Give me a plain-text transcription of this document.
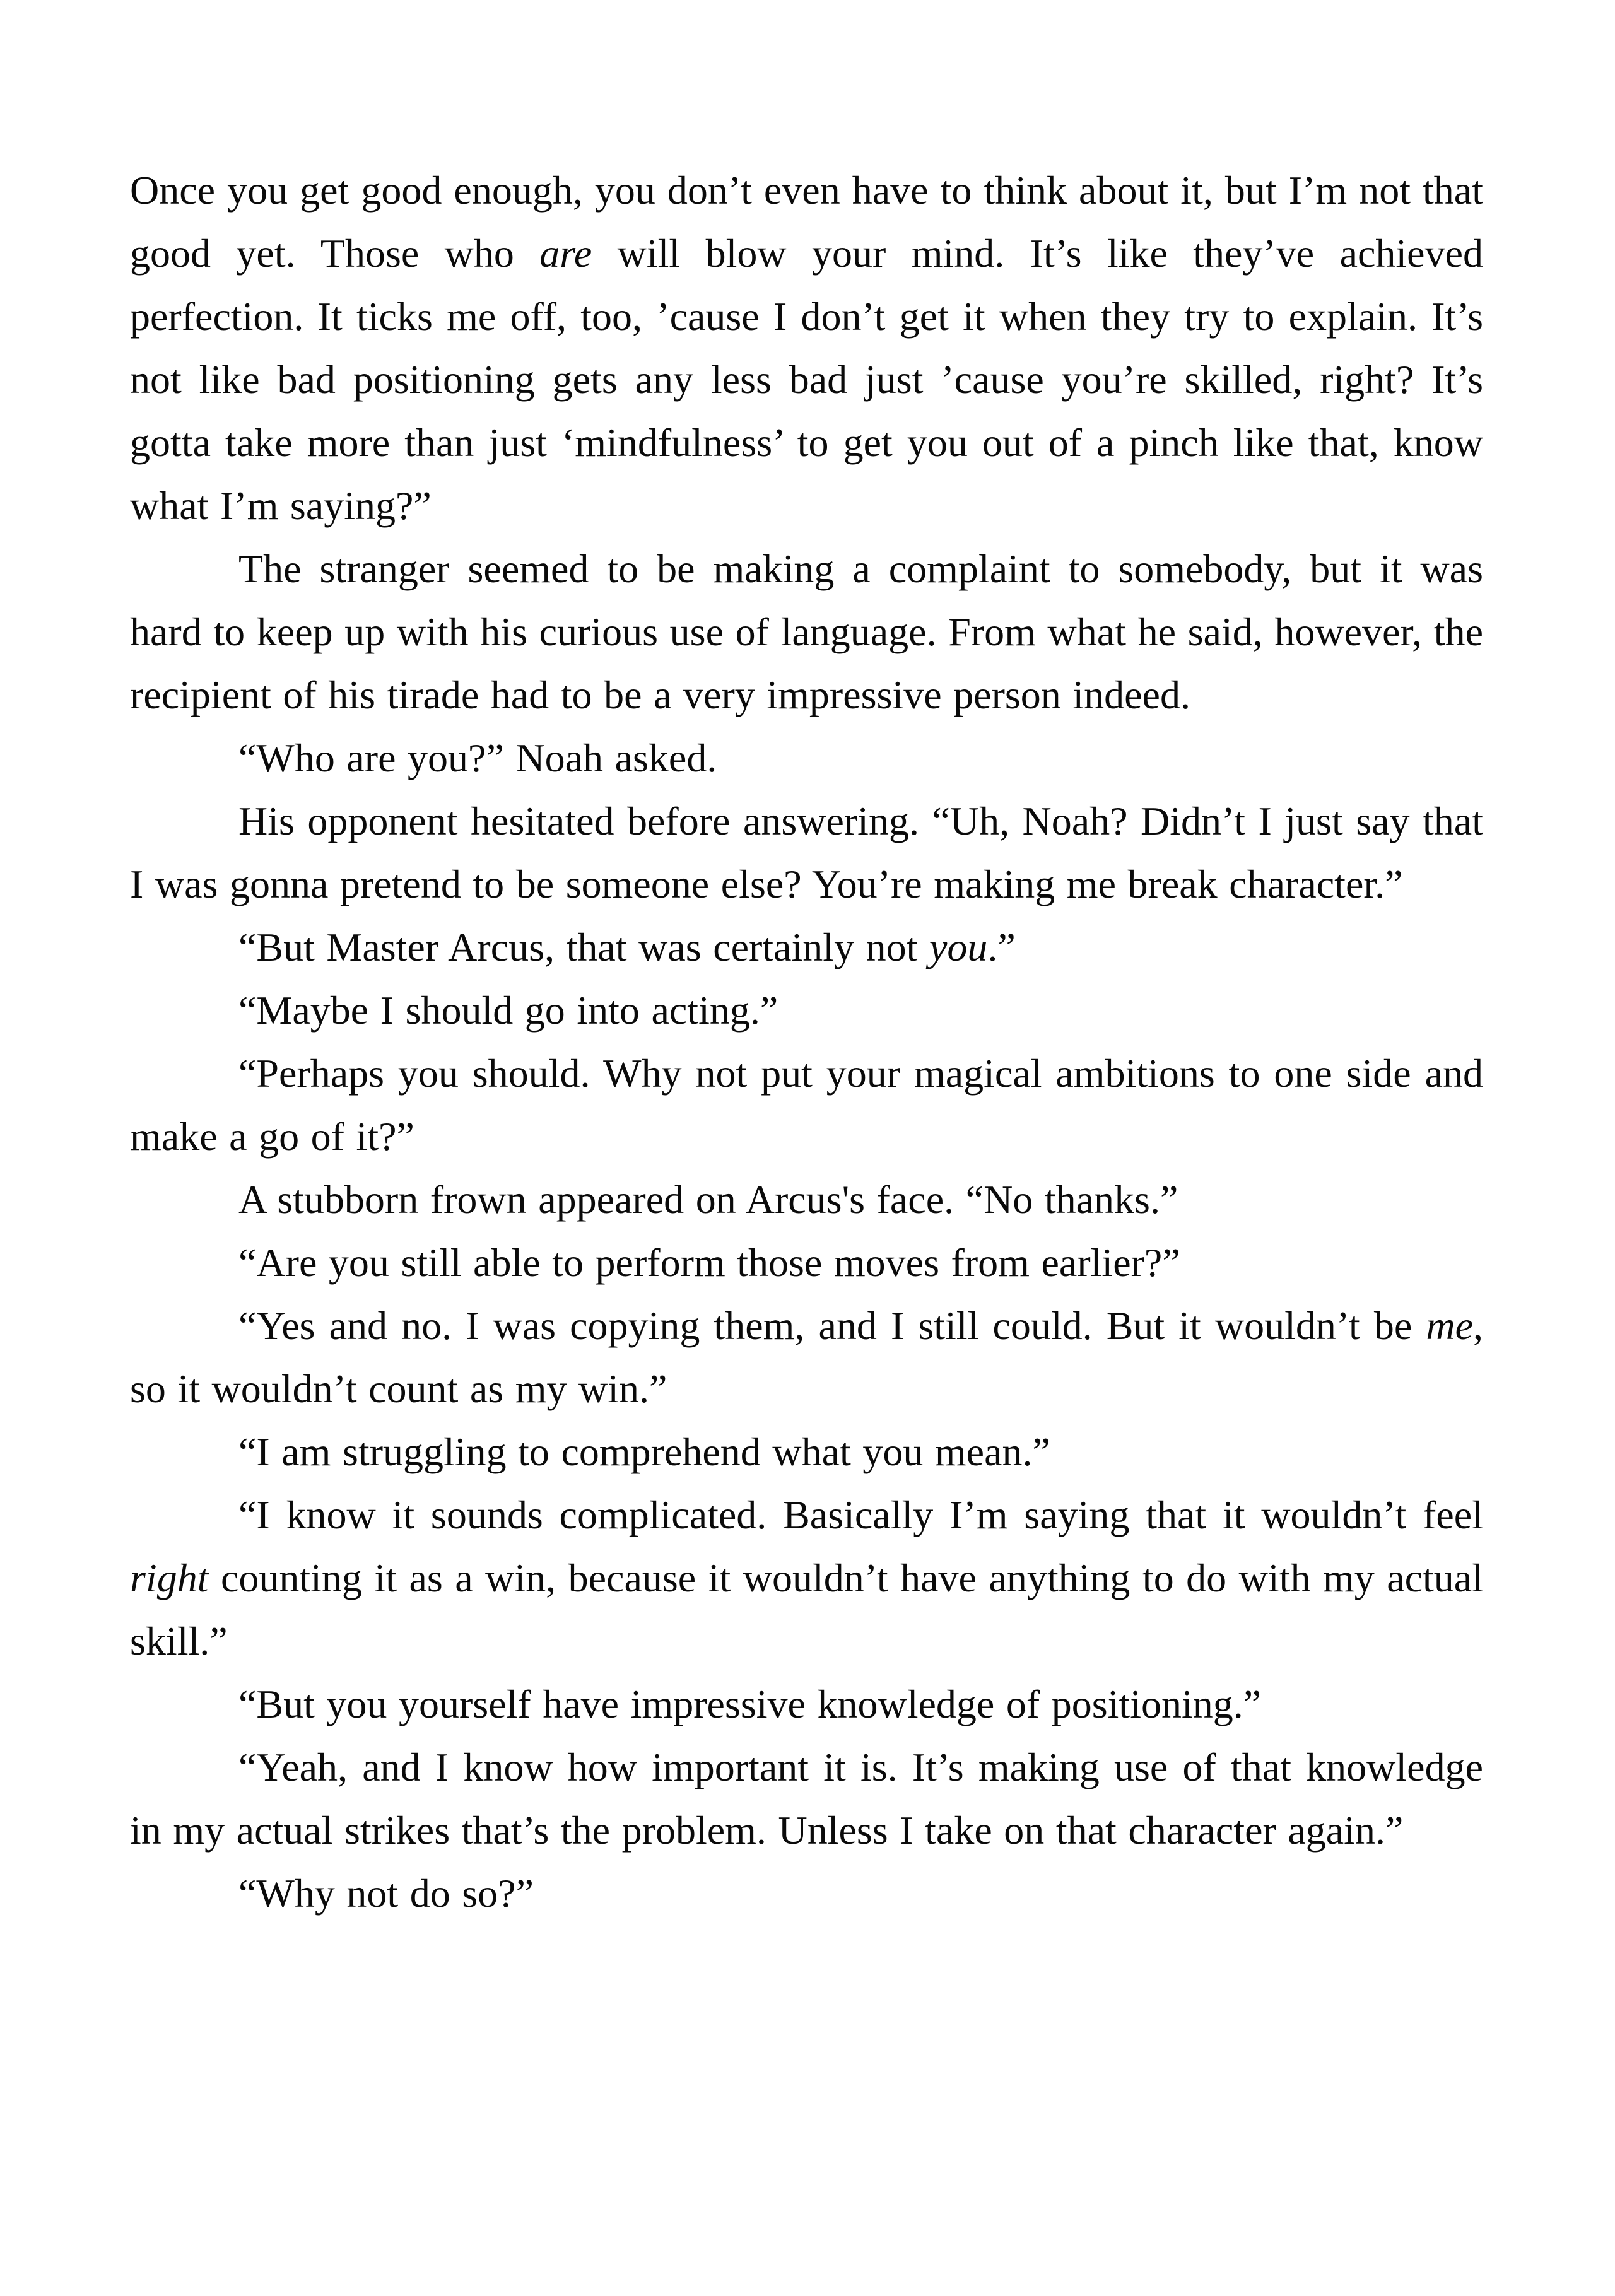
Once you get good enough, you don’t even have to think about it, but I’m not that good yet. Those who are will blow your mind. It’s like they’ve achieved perfection. It ticks me off, too, ’cause I don’t get it when they try to explain. It’s not like bad positioning gets any less bad just ’cause you’re skilled, right? It’s gotta take more than just ‘mindfulness’ to get you out of a pinch like that, know what I’m saying?”

The stranger seemed to be making a complaint to somebody, but it was hard to keep up with his curious use of language. From what he said, however, the recipient of his tirade had to be a very impressive person indeed.

“Who are you?” Noah asked.

His opponent hesitated before answering. “Uh, Noah? Didn’t I just say that I was gonna pretend to be someone else? You’re making me break character.”

“But Master Arcus, that was certainly not you.”

“Maybe I should go into acting.”

“Perhaps you should. Why not put your magical ambitions to one side and make a go of it?”

A stubborn frown appeared on Arcus's face. “No thanks.”

“Are you still able to perform those moves from earlier?”

“Yes and no. I was copying them, and I still could. But it wouldn’t be me, so it wouldn’t count as my win.”

“I am struggling to comprehend what you mean.”

“I know it sounds complicated. Basically I’m saying that it wouldn’t feel right counting it as a win, because it wouldn’t have anything to do with my actual skill.”

“But you yourself have impressive knowledge of positioning.”

“Yeah, and I know how important it is. It’s making use of that knowledge in my actual strikes that’s the problem. Unless I take on that character again.”

“Why not do so?”
